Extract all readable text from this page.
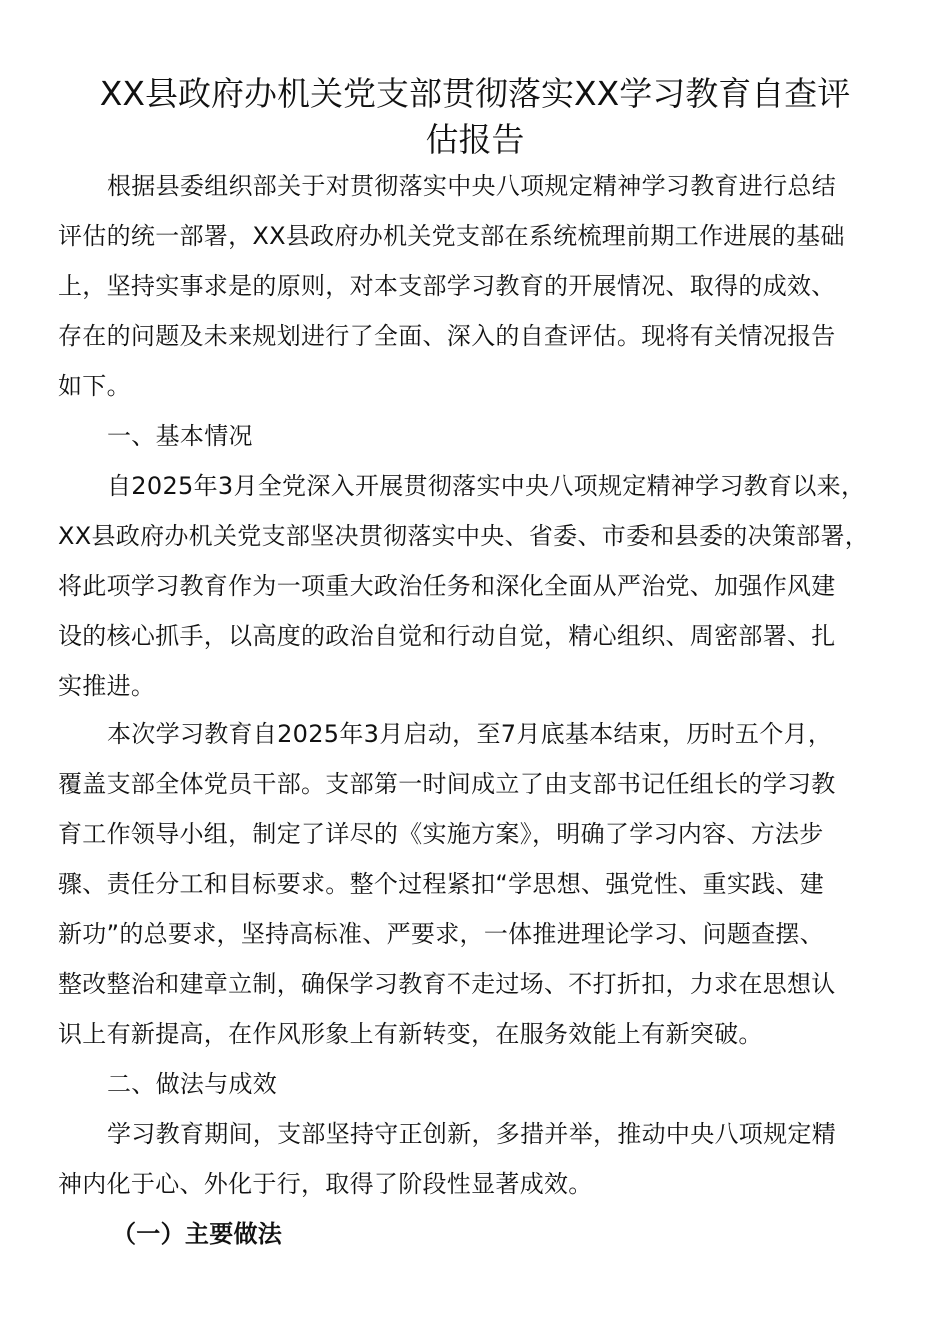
XX县政府办机关党支部贯彻落实XX学习教育自查评
估报告
根据县委组织部关于对贯彻落实中央八项规定精神学习教育进行总结
评估的统一部署，XX县政府办机关党支部在系统梳理前期工作进展的基础
上，坚持实事求是的原则，对本支部学习教育的开展情况、取得的成效、
存在的问题及未来规划进行了全面、深入的自查评估。现将有关情况报告
如下。
一、基本情况
自2025年3月全党深入开展贯彻落实中央八项规定精神学习教育以来，
XX县政府办机关党支部坚决贯彻落实中央、省委、市委和县委的决策部署，
将此项学习教育作为一项重大政治任务和深化全面从严治党、加强作风建
设的核心抓手，以高度的政治自觉和行动自觉，精心组织、周密部署、扎
实推进。
本次学习教育自2025年3月启动，至7月底基本结束，历时五个月，
覆盖支部全体党员干部。支部第一时间成立了由支部书记任组长的学习教
育工作领导小组，制定了详尽的《实施方案》，明确了学习内容、方法步
骤、责任分工和目标要求。整个过程紧扣“学思想、强党性、重实践、建
新功”的总要求，坚持高标准、严要求，一体推进理论学习、问题查摆、
整改整治和建章立制，确保学习教育不走过场、不打折扣，力求在思想认
识上有新提高，在作风形象上有新转变，在服务效能上有新突破。
二、做法与成效
学习教育期间，支部坚持守正创新，多措并举，推动中央八项规定精
神内化于心、外化于行，取得了阶段性显著成效。
（一）主要做法
